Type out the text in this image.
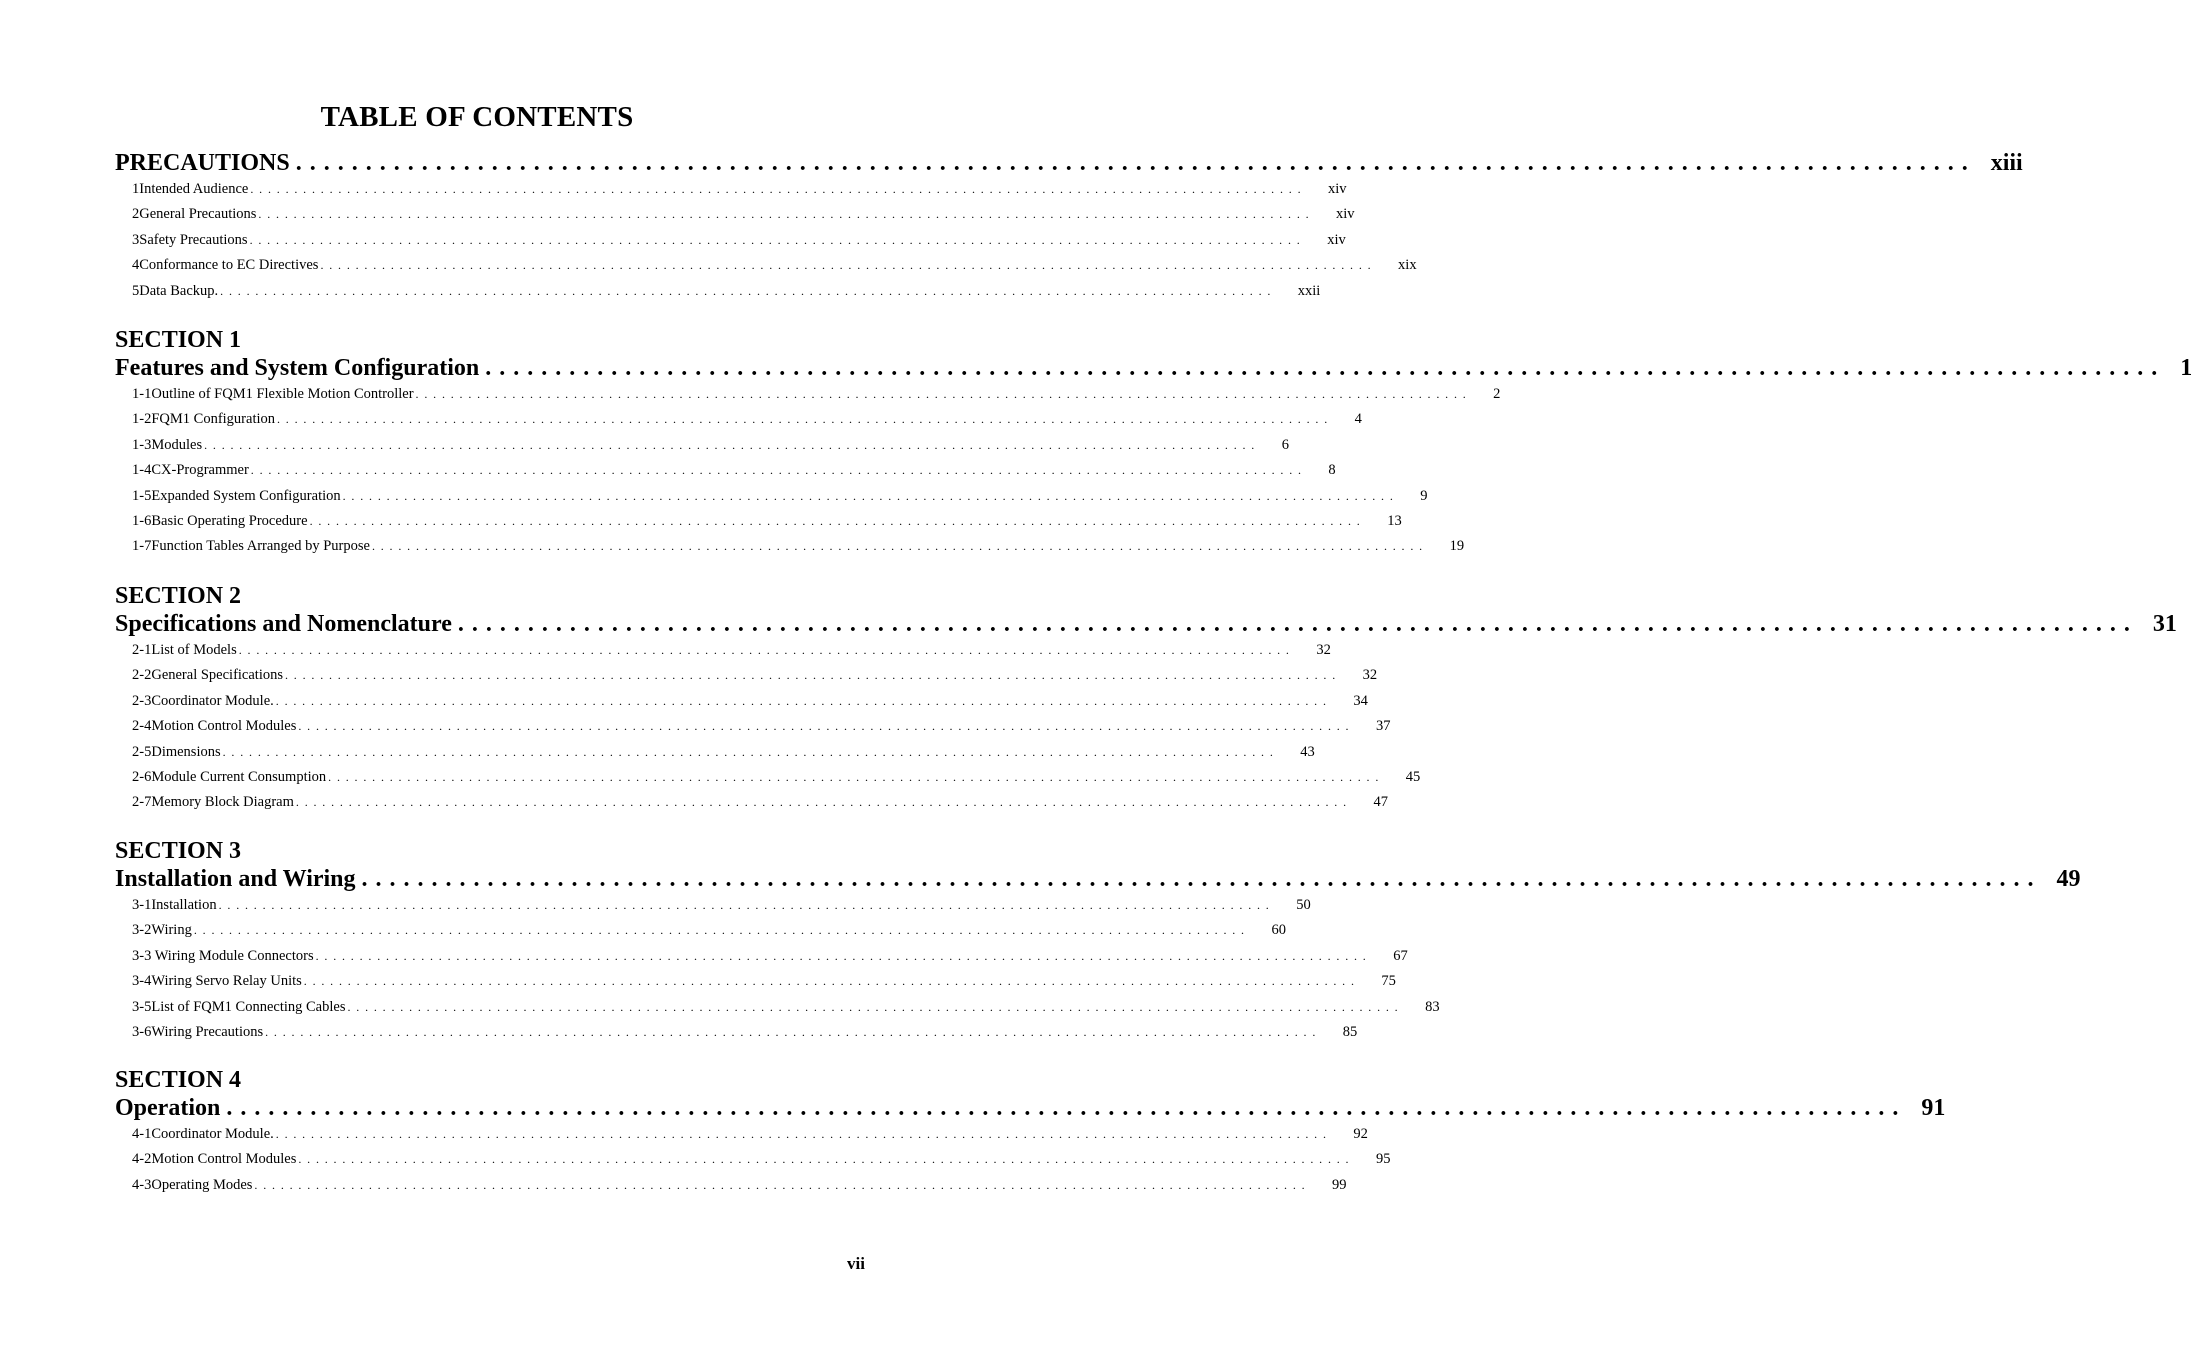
TABLE OF CONTENTS
PRECAUTIONS . . . . . . . . . . . . . . . . . . . . . . . . . . . . . . . . . . . . . . . . . . . . . . . . . . . . . . . . . . . . . . . . . . . . . . . . . . . . . . . . . . . . . . . . . . . . . . . . . . . . . . . . . . . . . . . . . . . . . . . . xiii
1 Intended Audience . . . . . . . . . . . . . . . . . . . . . . . . . . . . . . . . . . . . . . . . . . . . . . . . . . . . . . . . . . . . . . . . . . . . . . . . . . . . . . . . . . . . . . . . . . . . . . . . . . . . . . . . . . . . . . . . . . . . . . . . xiv
2 General Precautions . . . . . . . . . . . . . . . . . . . . . . . . . . . . . . . . . . . . . . . . . . . . . . . . . . . . . . . . . . . . . . . . . . . . . . . . . . . . . . . . . . . . . . . . . . . . . . . . . . . . . . . . . . . . . . . . . . . . . . . . xiv
3 Safety Precautions . . . . . . . . . . . . . . . . . . . . . . . . . . . . . . . . . . . . . . . . . . . . . . . . . . . . . . . . . . . . . . . . . . . . . . . . . . . . . . . . . . . . . . . . . . . . . . . . . . . . . . . . . . . . . . . . . . . . . . . . xiv
4 Conformance to EC Directives . . . . . . . . . . . . . . . . . . . . . . . . . . . . . . . . . . . . . . . . . . . . . . . . . . . . . . . . . . . . . . . . . . . . . . . . . . . . . . . . . . . . . . . . . . . . . . . . . . . . . . . . . . . . . . . . . . . . . . . . xix
5 Data Backup. . . . . . . . . . . . . . . . . . . . . . . . . . . . . . . . . . . . . . . . . . . . . . . . . . . . . . . . . . . . . . . . . . . . . . . . . . . . . . . . . . . . . . . . . . . . . . . . . . . . . . . . . . . . . . . . . . . . . . . . . xxii
SECTION 1
Features and System Configuration . . . . . . . . . . . . . . . . . . . . . . . . . . . . . . . . . . . . . . . . . . . . . . . . . . . . . . . . . . . . . . . . . . . . . . . . . . . . . . . . . . . . . . . . . . . . . . . . . . . . . . . . . . . . . . . . . . . . . . . . 1
1-1 Outline of FQM1 Flexible Motion Controller . . . . . . . . . . . . . . . . . . . . . . . . . . . . . . . . . . . . . . . . . . . . . . . . . . . . . . . . . . . . . . . . . . . . . . . . . . . . . . . . . . . . . . . . . . . . . . . . . . . . . . . . . . . . . . . . . . . . . . . . 2
1-2 FQM1 Configuration . . . . . . . . . . . . . . . . . . . . . . . . . . . . . . . . . . . . . . . . . . . . . . . . . . . . . . . . . . . . . . . . . . . . . . . . . . . . . . . . . . . . . . . . . . . . . . . . . . . . . . . . . . . . . . . . . . . . . . . . 4
1-3 Modules . . . . . . . . . . . . . . . . . . . . . . . . . . . . . . . . . . . . . . . . . . . . . . . . . . . . . . . . . . . . . . . . . . . . . . . . . . . . . . . . . . . . . . . . . . . . . . . . . . . . . . . . . . . . . . . . . . . . . . . . 6
1-4 CX-Programmer . . . . . . . . . . . . . . . . . . . . . . . . . . . . . . . . . . . . . . . . . . . . . . . . . . . . . . . . . . . . . . . . . . . . . . . . . . . . . . . . . . . . . . . . . . . . . . . . . . . . . . . . . . . . . . . . . . . . . . . . 8
1-5 Expanded System Configuration . . . . . . . . . . . . . . . . . . . . . . . . . . . . . . . . . . . . . . . . . . . . . . . . . . . . . . . . . . . . . . . . . . . . . . . . . . . . . . . . . . . . . . . . . . . . . . . . . . . . . . . . . . . . . . . . . . . . . . . . 9
1-6 Basic Operating Procedure . . . . . . . . . . . . . . . . . . . . . . . . . . . . . . . . . . . . . . . . . . . . . . . . . . . . . . . . . . . . . . . . . . . . . . . . . . . . . . . . . . . . . . . . . . . . . . . . . . . . . . . . . . . . . . . . . . . . . . . . 13
1-7 Function Tables Arranged by Purpose . . . . . . . . . . . . . . . . . . . . . . . . . . . . . . . . . . . . . . . . . . . . . . . . . . . . . . . . . . . . . . . . . . . . . . . . . . . . . . . . . . . . . . . . . . . . . . . . . . . . . . . . . . . . . . . . . . . . . . . . 19
SECTION 2
Specifications and Nomenclature . . . . . . . . . . . . . . . . . . . . . . . . . . . . . . . . . . . . . . . . . . . . . . . . . . . . . . . . . . . . . . . . . . . . . . . . . . . . . . . . . . . . . . . . . . . . . . . . . . . . . . . . . . . . . . . . . . . . . . . . 31
2-1 List of Models . . . . . . . . . . . . . . . . . . . . . . . . . . . . . . . . . . . . . . . . . . . . . . . . . . . . . . . . . . . . . . . . . . . . . . . . . . . . . . . . . . . . . . . . . . . . . . . . . . . . . . . . . . . . . . . . . . . . . . . . 32
2-2 General Specifications . . . . . . . . . . . . . . . . . . . . . . . . . . . . . . . . . . . . . . . . . . . . . . . . . . . . . . . . . . . . . . . . . . . . . . . . . . . . . . . . . . . . . . . . . . . . . . . . . . . . . . . . . . . . . . . . . . . . . . . . 32
2-3 Coordinator Module. . . . . . . . . . . . . . . . . . . . . . . . . . . . . . . . . . . . . . . . . . . . . . . . . . . . . . . . . . . . . . . . . . . . . . . . . . . . . . . . . . . . . . . . . . . . . . . . . . . . . . . . . . . . . . . . . . . . . . . . . 34
2-4 Motion Control Modules . . . . . . . . . . . . . . . . . . . . . . . . . . . . . . . . . . . . . . . . . . . . . . . . . . . . . . . . . . . . . . . . . . . . . . . . . . . . . . . . . . . . . . . . . . . . . . . . . . . . . . . . . . . . . . . . . . . . . . . . 37
2-5 Dimensions . . . . . . . . . . . . . . . . . . . . . . . . . . . . . . . . . . . . . . . . . . . . . . . . . . . . . . . . . . . . . . . . . . . . . . . . . . . . . . . . . . . . . . . . . . . . . . . . . . . . . . . . . . . . . . . . . . . . . . . . 43
2-6 Module Current Consumption . . . . . . . . . . . . . . . . . . . . . . . . . . . . . . . . . . . . . . . . . . . . . . . . . . . . . . . . . . . . . . . . . . . . . . . . . . . . . . . . . . . . . . . . . . . . . . . . . . . . . . . . . . . . . . . . . . . . . . . . 45
2-7 Memory Block Diagram . . . . . . . . . . . . . . . . . . . . . . . . . . . . . . . . . . . . . . . . . . . . . . . . . . . . . . . . . . . . . . . . . . . . . . . . . . . . . . . . . . . . . . . . . . . . . . . . . . . . . . . . . . . . . . . . . . . . . . . . 47
SECTION 3
Installation and Wiring . . . . . . . . . . . . . . . . . . . . . . . . . . . . . . . . . . . . . . . . . . . . . . . . . . . . . . . . . . . . . . . . . . . . . . . . . . . . . . . . . . . . . . . . . . . . . . . . . . . . . . . . . . . . . . . . . . . . . . . . 49
3-1 Installation . . . . . . . . . . . . . . . . . . . . . . . . . . . . . . . . . . . . . . . . . . . . . . . . . . . . . . . . . . . . . . . . . . . . . . . . . . . . . . . . . . . . . . . . . . . . . . . . . . . . . . . . . . . . . . . . . . . . . . . . 50
3-2 Wiring . . . . . . . . . . . . . . . . . . . . . . . . . . . . . . . . . . . . . . . . . . . . . . . . . . . . . . . . . . . . . . . . . . . . . . . . . . . . . . . . . . . . . . . . . . . . . . . . . . . . . . . . . . . . . . . . . . . . . . . . 60
3-3 Wiring Module Connectors . . . . . . . . . . . . . . . . . . . . . . . . . . . . . . . . . . . . . . . . . . . . . . . . . . . . . . . . . . . . . . . . . . . . . . . . . . . . . . . . . . . . . . . . . . . . . . . . . . . . . . . . . . . . . . . . . . . . . . . . 67
3-4 Wiring Servo Relay Units . . . . . . . . . . . . . . . . . . . . . . . . . . . . . . . . . . . . . . . . . . . . . . . . . . . . . . . . . . . . . . . . . . . . . . . . . . . . . . . . . . . . . . . . . . . . . . . . . . . . . . . . . . . . . . . . . . . . . . . . 75
3-5 List of FQM1 Connecting Cables . . . . . . . . . . . . . . . . . . . . . . . . . . . . . . . . . . . . . . . . . . . . . . . . . . . . . . . . . . . . . . . . . . . . . . . . . . . . . . . . . . . . . . . . . . . . . . . . . . . . . . . . . . . . . . . . . . . . . . . . 83
3-6 Wiring Precautions . . . . . . . . . . . . . . . . . . . . . . . . . . . . . . . . . . . . . . . . . . . . . . . . . . . . . . . . . . . . . . . . . . . . . . . . . . . . . . . . . . . . . . . . . . . . . . . . . . . . . . . . . . . . . . . . . . . . . . . . 85
SECTION 4
Operation . . . . . . . . . . . . . . . . . . . . . . . . . . . . . . . . . . . . . . . . . . . . . . . . . . . . . . . . . . . . . . . . . . . . . . . . . . . . . . . . . . . . . . . . . . . . . . . . . . . . . . . . . . . . . . . . . . . . . . . . 91
4-1 Coordinator Module. . . . . . . . . . . . . . . . . . . . . . . . . . . . . . . . . . . . . . . . . . . . . . . . . . . . . . . . . . . . . . . . . . . . . . . . . . . . . . . . . . . . . . . . . . . . . . . . . . . . . . . . . . . . . . . . . . . . . . . . . 92
4-2 Motion Control Modules . . . . . . . . . . . . . . . . . . . . . . . . . . . . . . . . . . . . . . . . . . . . . . . . . . . . . . . . . . . . . . . . . . . . . . . . . . . . . . . . . . . . . . . . . . . . . . . . . . . . . . . . . . . . . . . . . . . . . . . . 95
4-3 Operating Modes . . . . . . . . . . . . . . . . . . . . . . . . . . . . . . . . . . . . . . . . . . . . . . . . . . . . . . . . . . . . . . . . . . . . . . . . . . . . . . . . . . . . . . . . . . . . . . . . . . . . . . . . . . . . . . . . . . . . . . . . 99
vii
